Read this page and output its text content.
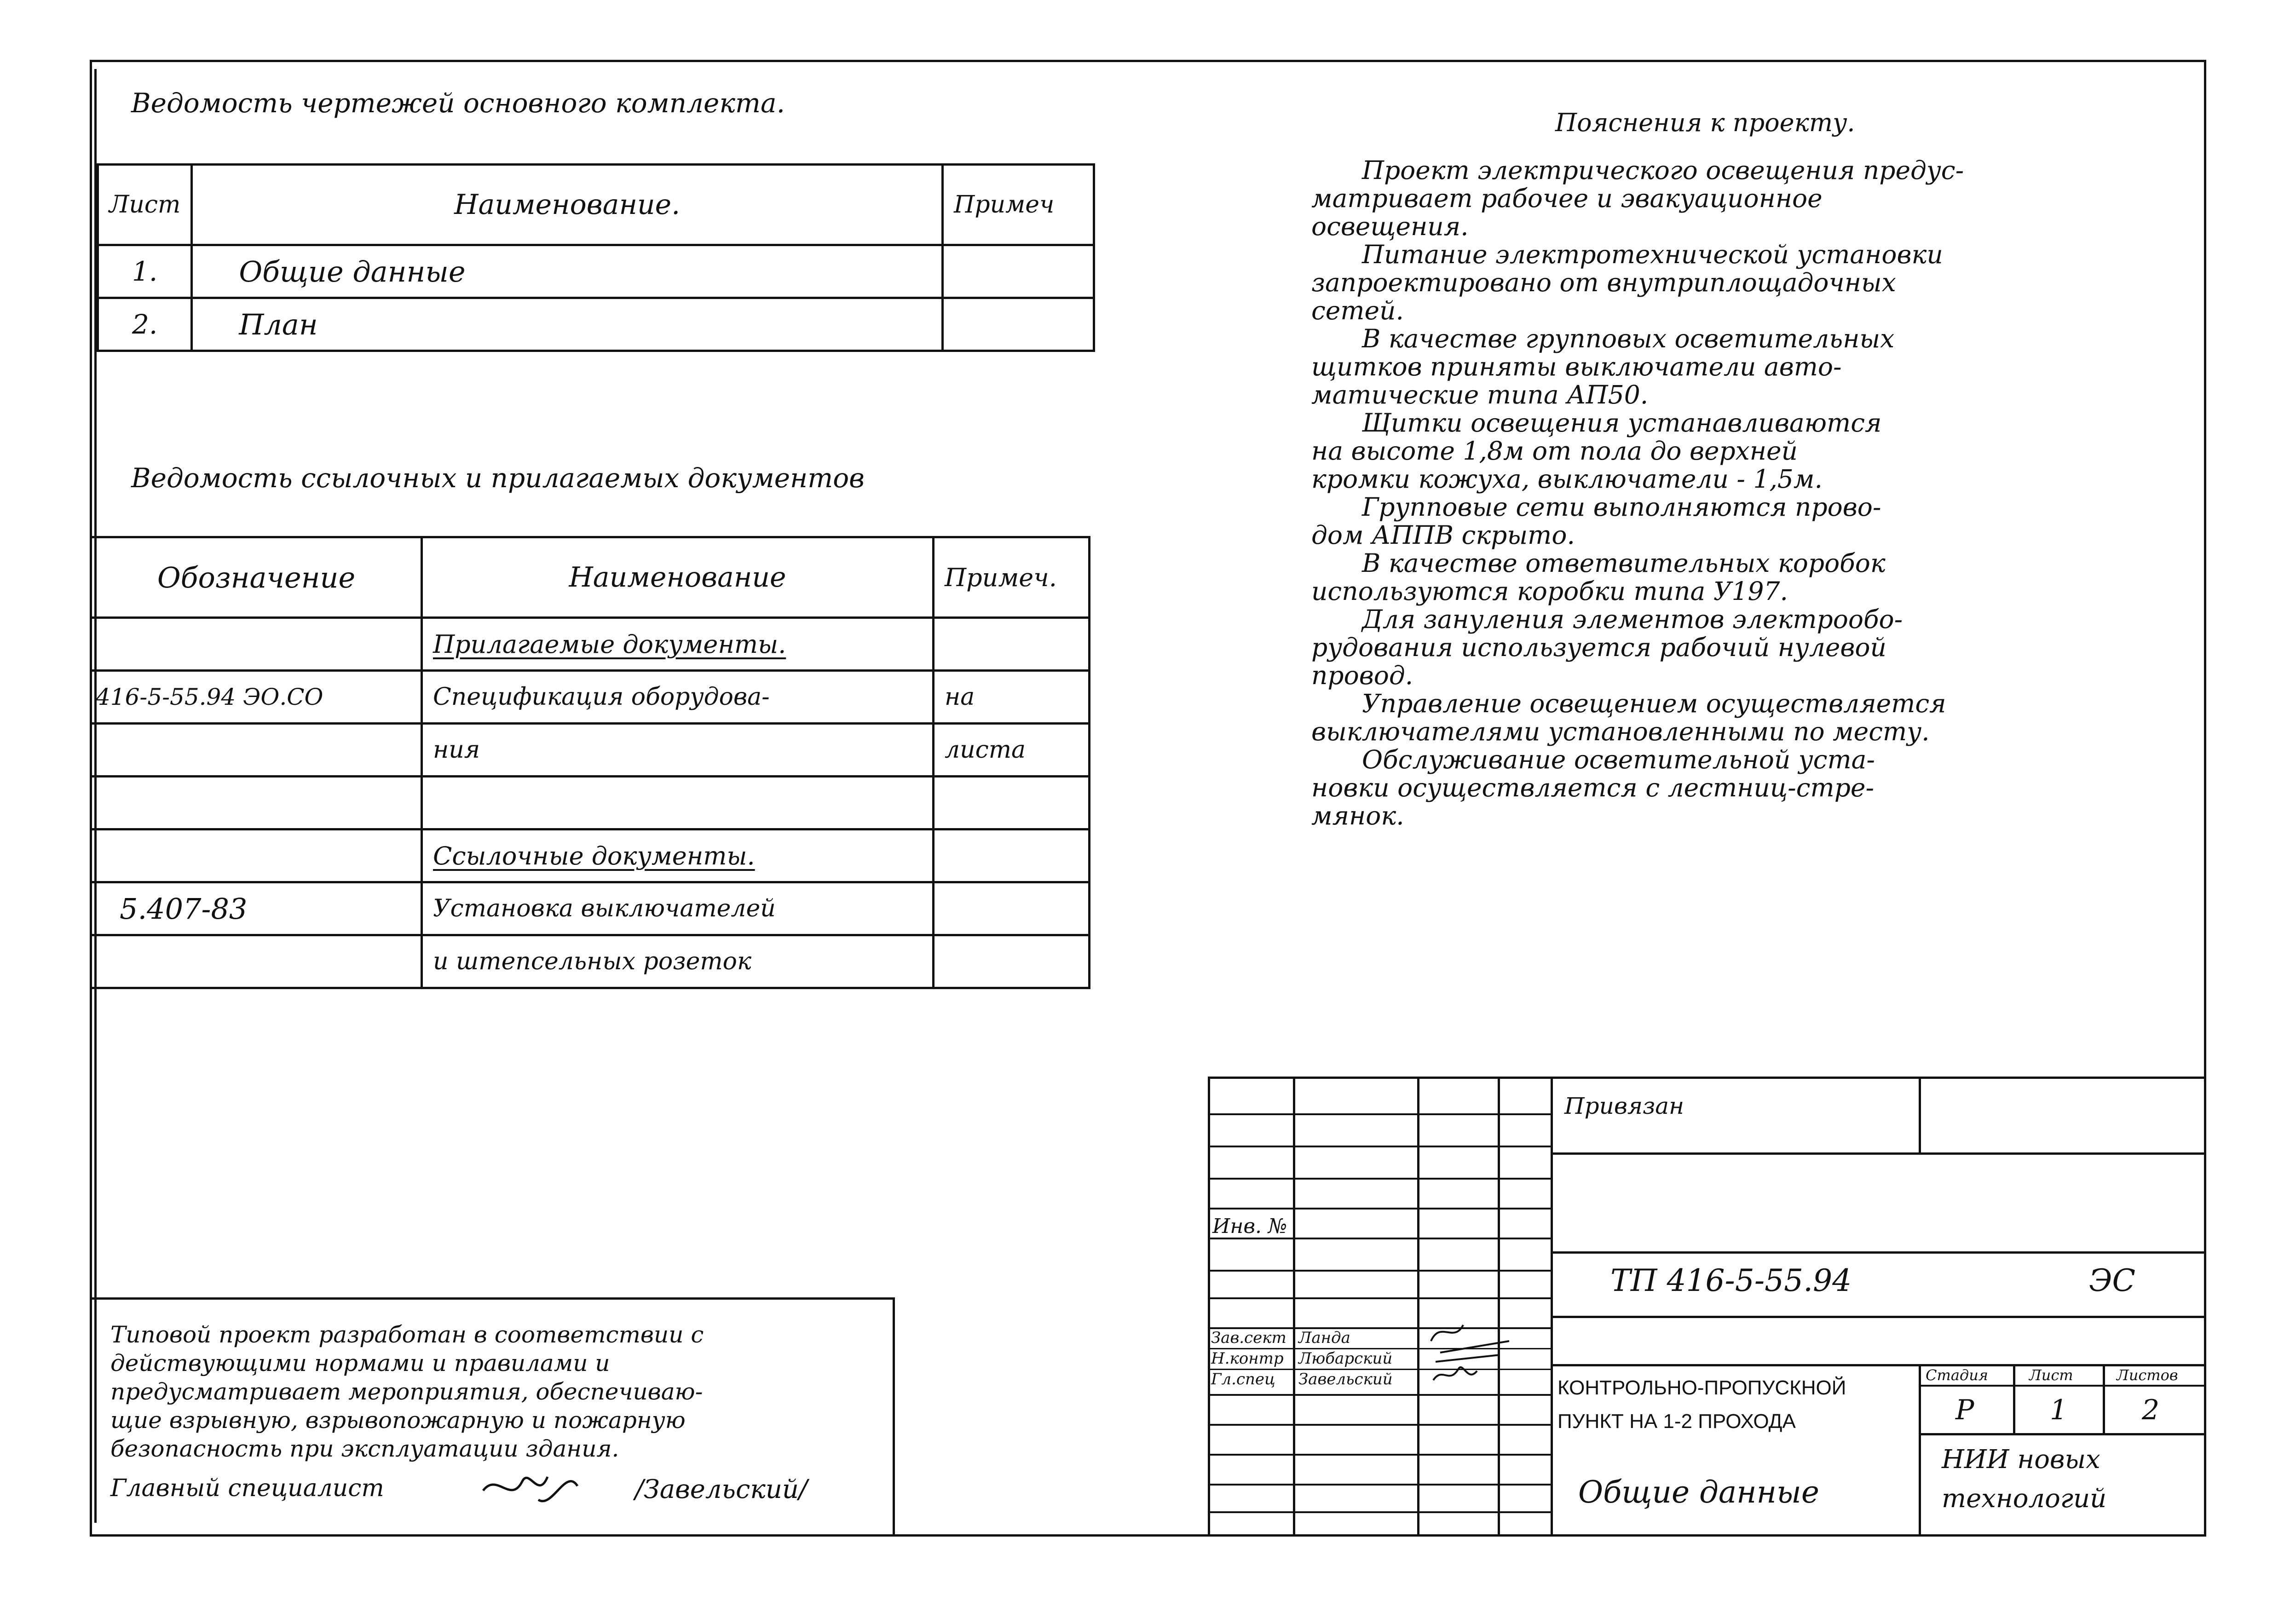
Ведомость чертежей основного комплекта.
Лист	Наименование.	Примеч
1.	Общие данные	
2.	План	
Ведомость ссылочных и прилагаемых документов
Обозначение	Наименование	Примеч.
	Прилагаемые документы.	
416-5-55.94 ЭО.СО	Спецификация оборудова-	на
	ния	листа

	Ссылочные документы.	
5.407-83	Установка выключателей	
	и штепсельных розеток	
Пояснения к проекту.

Проект электрического освещения предус-

матривает рабочее и эвакуационное

освещения.

Питание электротехнической установки

запроектировано от внутриплощадочных

сетей.

В качестве групповых осветительных

щитков приняты выключатели авто-

матические типа АП50.

Щитки освещения устанавливаются

на высоте 1,8м от пола до верхней

кромки кожуха, выключатели - 1,5м.

Групповые сети выполняются прово-

дом АППВ скрыто.

В качестве ответвительных коробок

используются коробки типа У197.

Для зануления элементов электрообо-

рудования используется рабочий нулевой

провод.

Управление освещением осуществляется

выключателями установленными по месту.

Обслуживание осветительной уста-

новки осуществляется с лестниц-стре-

мянок.

Типовой проект разработан в соответствии с

действующими нормами и правилами и

предусматривает мероприятия, обеспечиваю-

щие взрывную, взрывопожарную и пожарную

безопасность при эксплуатации здания.

Главный специалист	/Завельский/
Инв. №
Зав.сект Ланда
Н.контр Любарский
Гл.спец Завельский
Привязан
ТП 416-5-55.94	ЭС
КОНТРОЛЬНО-ПРОПУСКНОЙ
ПУНКТ НА 1-2 ПРОХОДА
Стадия	Лист	Листов
Р	1	2
Общие данные
НИИ новых
технологий
